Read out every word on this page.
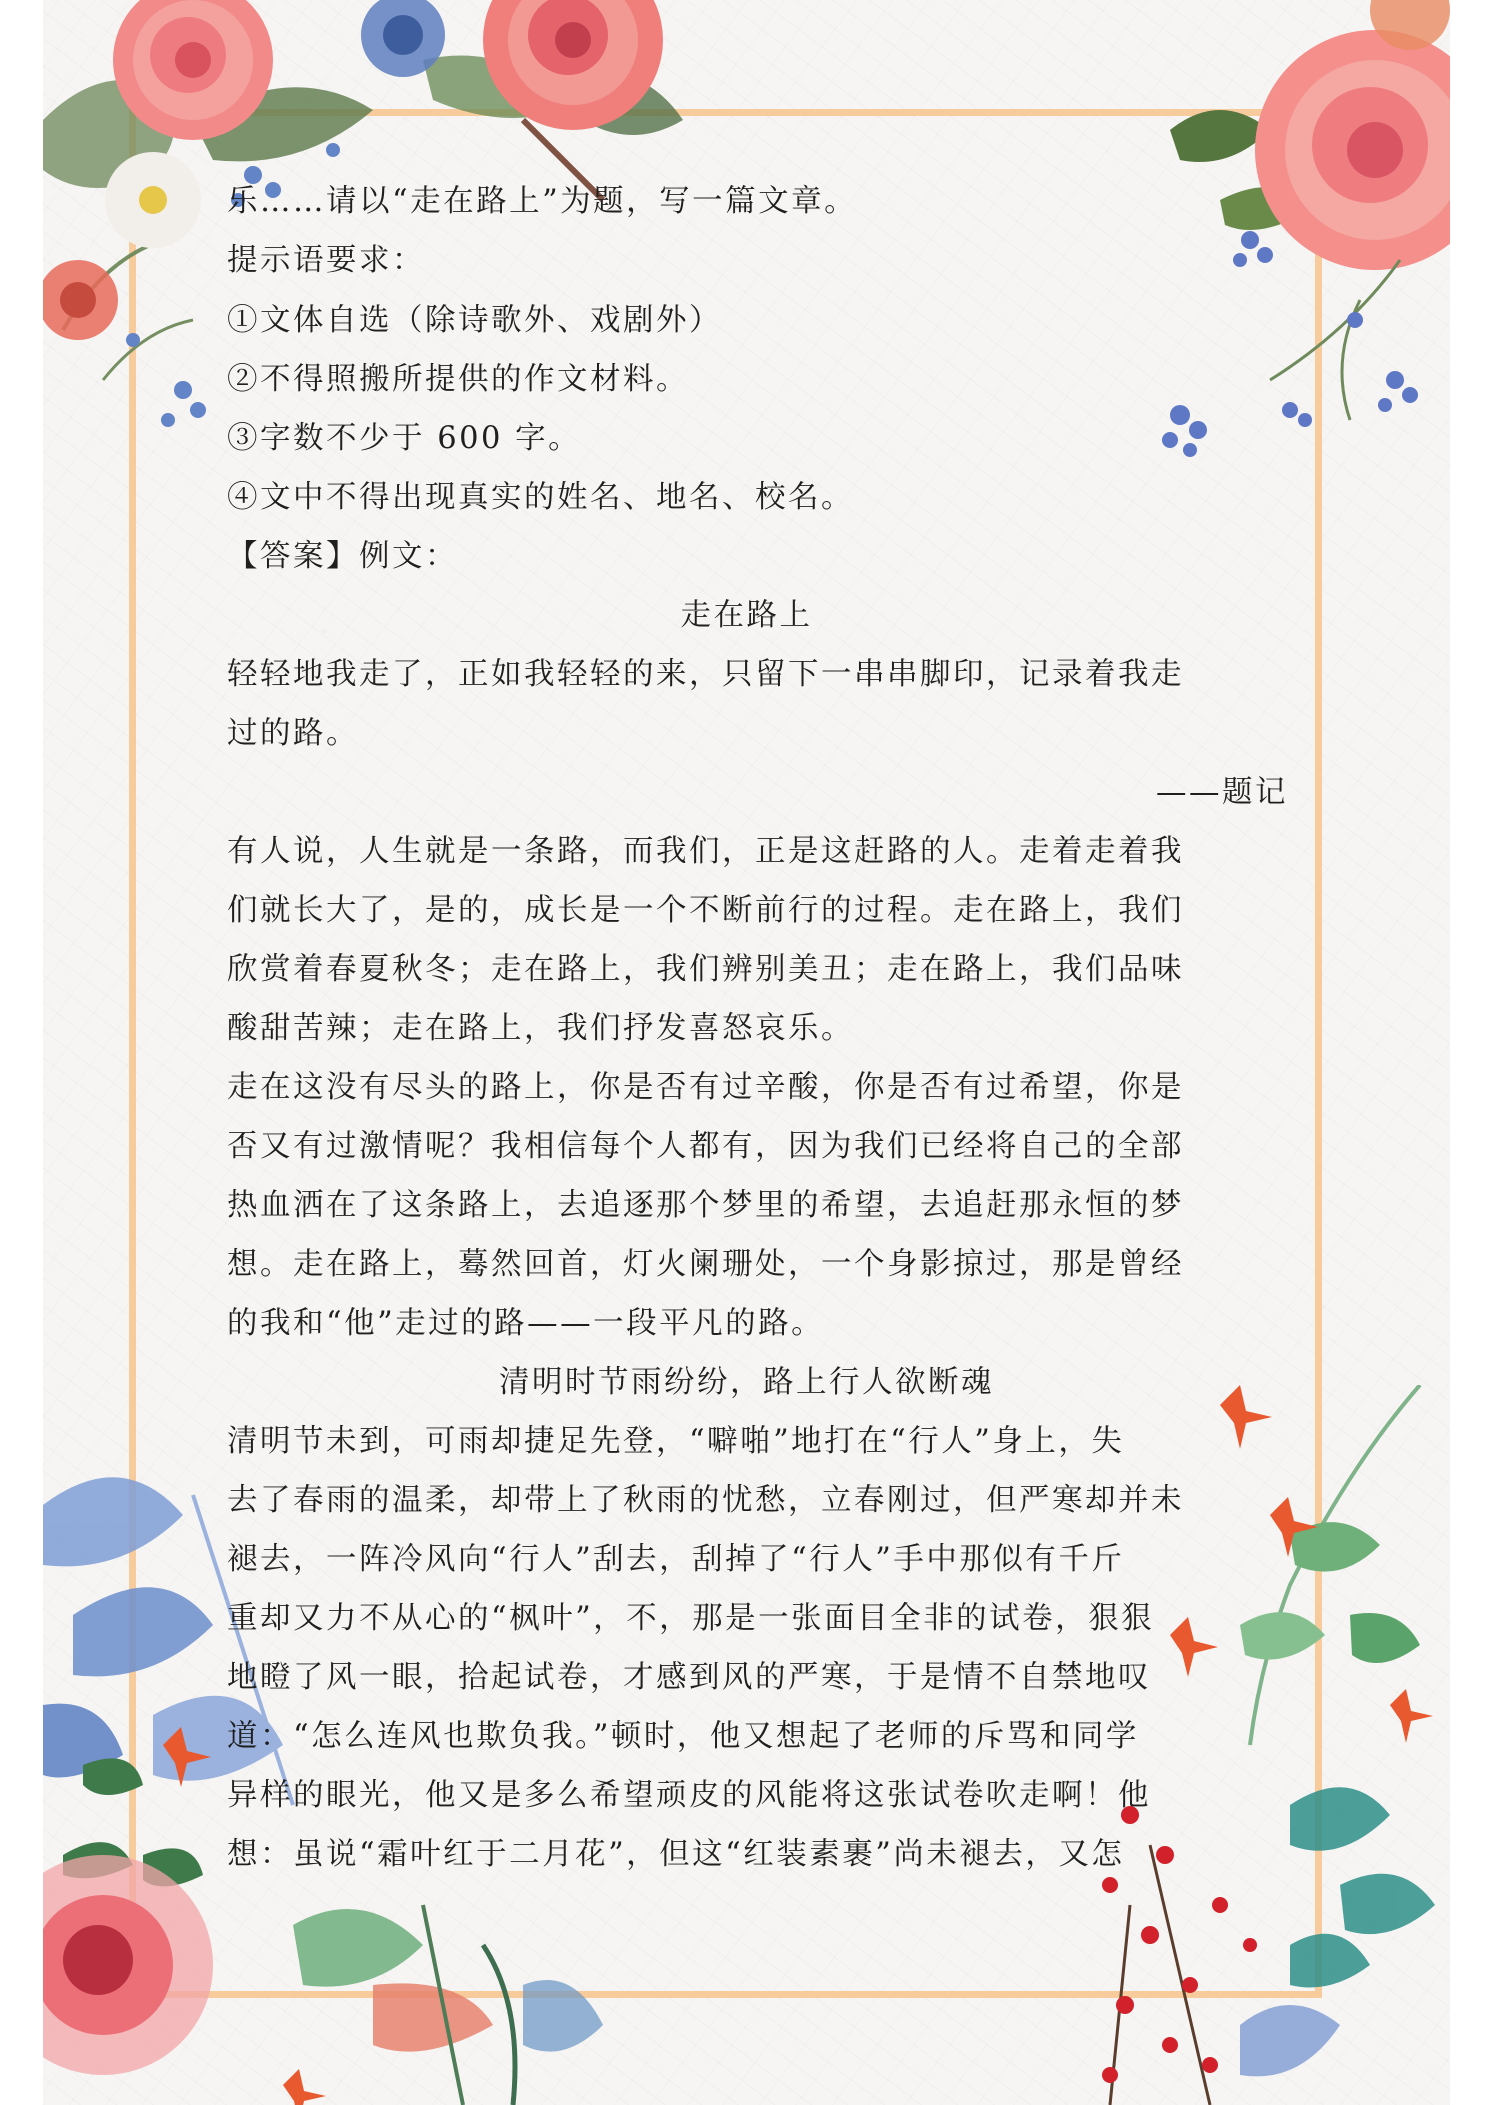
乐……请以“走在路上”为题，写一篇文章。
提示语要求：
①文体自选（除诗歌外、戏剧外）
②不得照搬所提供的作文材料。
③字数不少于 600 字。
④文中不得出现真实的姓名、地名、校名。
【答案】例文：
走在路上
轻轻地我走了，正如我轻轻的来，只留下一串串脚印，记录着我走
过的路。
——题记
有人说，人生就是一条路，而我们，正是这赶路的人。走着走着我
们就长大了，是的，成长是一个不断前行的过程。走在路上，我们
欣赏着春夏秋冬；走在路上，我们辨别美丑；走在路上，我们品味
酸甜苦辣；走在路上，我们抒发喜怒哀乐。
走在这没有尽头的路上，你是否有过辛酸，你是否有过希望，你是
否又有过激情呢？我相信每个人都有，因为我们已经将自己的全部
热血洒在了这条路上，去追逐那个梦里的希望，去追赶那永恒的梦
想。走在路上，蓦然回首，灯火阑珊处，一个身影掠过，那是曾经
的我和“他”走过的路——一段平凡的路。
清明时节雨纷纷，路上行人欲断魂
清明节未到，可雨却捷足先登，“噼啪”地打在“行人”身上，失
去了春雨的温柔，却带上了秋雨的忧愁，立春刚过，但严寒却并未
褪去，一阵冷风向“行人”刮去，刮掉了“行人”手中那似有千斤
重却又力不从心的“枫叶”，不，那是一张面目全非的试卷，狠狠
地瞪了风一眼，拾起试卷，才感到风的严寒，于是情不自禁地叹
道：“怎么连风也欺负我。”顿时，他又想起了老师的斥骂和同学
异样的眼光，他又是多么希望顽皮的风能将这张试卷吹走啊！他
想：虽说“霜叶红于二月花”，但这“红装素裹”尚未褪去，又怎
